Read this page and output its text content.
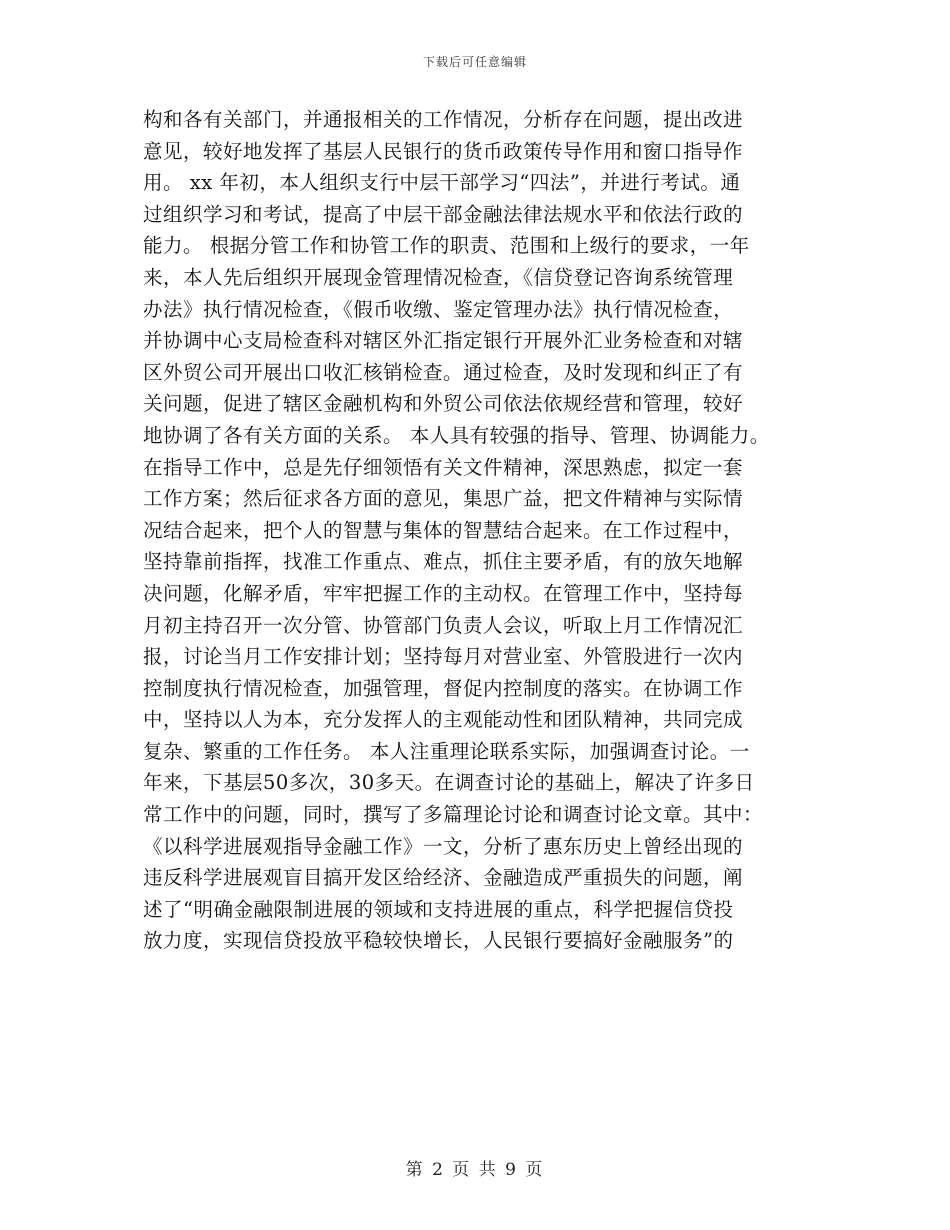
下载后可任意编辑
构和各有关部门，并通报相关的工作情况，分析存在问题，提出改进
意见，较好地发挥了基层人民银行的货币政策传导作用和窗口指导作
用。 xx 年初，本人组织支行中层干部学习“四法”，并进行考试。通
过组织学习和考试，提高了中层干部金融法律法规水平和依法行政的
能力。 根据分管工作和协管工作的职责、范围和上级行的要求，一年
来，本人先后组织开展现金管理情况检查，《信贷登记咨询系统管理
办法》执行情况检查，《假币收缴、鉴定管理办法》执行情况检查，
并协调中心支局检查科对辖区外汇指定银行开展外汇业务检查和对辖
区外贸公司开展出口收汇核销检查。通过检查，及时发现和纠正了有
关问题，促进了辖区金融机构和外贸公司依法依规经营和管理，较好
地协调了各有关方面的关系。 本人具有较强的指导、管理、协调能力。
在指导工作中，总是先仔细领悟有关文件精神，深思熟虑，拟定一套
工作方案；然后征求各方面的意见，集思广益，把文件精神与实际情
况结合起来，把个人的智慧与集体的智慧结合起来。在工作过程中，
坚持靠前指挥，找准工作重点、难点，抓住主要矛盾，有的放矢地解
决问题，化解矛盾，牢牢把握工作的主动权。在管理工作中，坚持每
月初主持召开一次分管、协管部门负责人会议，听取上月工作情况汇
报，讨论当月工作安排计划；坚持每月对营业室、外管股进行一次内
控制度执行情况检查，加强管理，督促内控制度的落实。在协调工作
中，坚持以人为本，充分发挥人的主观能动性和团队精神，共同完成
复杂、繁重的工作任务。 本人注重理论联系实际，加强调查讨论。一
年来，下基层50多次，30多天。在调查讨论的基础上，解决了许多日
常工作中的问题，同时，撰写了多篇理论讨论和调查讨论文章。其中：
《以科学进展观指导金融工作》一文，分析了惠东历史上曾经出现的
违反科学进展观盲目搞开发区给经济、金融造成严重损失的问题，阐
述了“明确金融限制进展的领域和支持进展的重点，科学把握信贷投
放力度，实现信贷投放平稳较快增长，人民银行要搞好金融服务”的
第 2 页 共 9 页
